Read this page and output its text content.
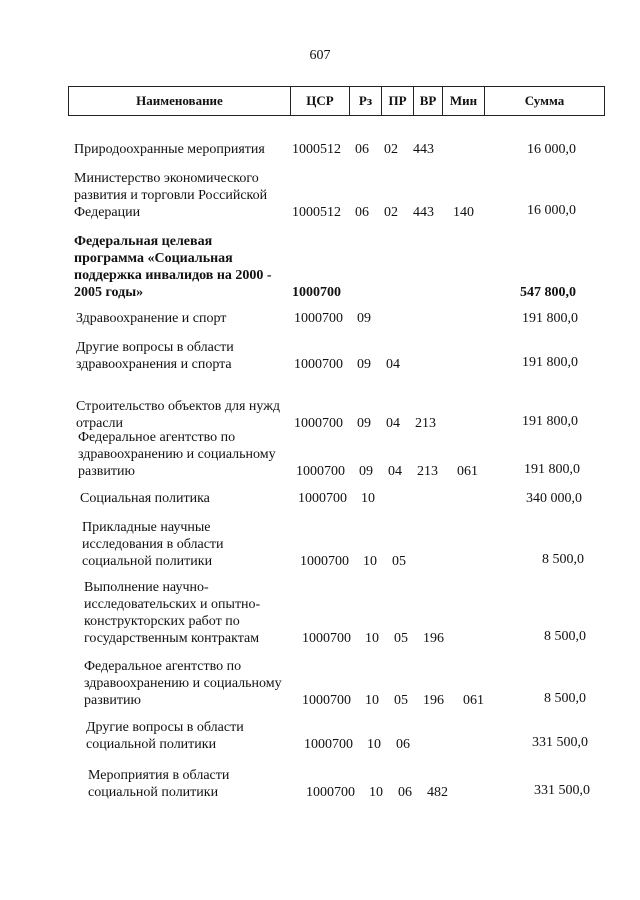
607
Наименование	ЦСР	Рз	ПР	ВР	Мин	Сумма
Природоохранные мероприятия 1000512 06 02 443	16 000,0
Министерство экономического
развития и торговли Российской
Федерации	1000512 06 02 443 140	16 000,0
Федеральная целевая
программа «Социальная
поддержка инвалидов на 2000 -
2005 годы»	1000700	547 800,0
Здравоохранение и спорт	1000700 09	191 800,0
Другие вопросы в области
здравоохранения и спорта	1000700 09 04	191 800,0
Строительство объектов для нужд
отрасли	1000700 09 04 213	191 800,0
Федеральное агентство по
здравоохранению и социальному
развитию	1000700 09 04 213 061	191 800,0
Социальная политика	1000700 10	340 000,0
Прикладные научные
исследования в области
социальной политики	1000700 10 05	8 500,0
Выполнение научно-
исследовательских и опытно-
конструкторских работ по
государственным контрактам	1000700 10 05 196	8 500,0
Федеральное агентство по
здравоохранению и социальному
развитию	1000700 10 05 196 061	8 500,0
Другие вопросы в области
социальной политики	1000700 10 06	331 500,0
Мероприятия в области
социальной политики	1000700 10 06 482	331 500,0
